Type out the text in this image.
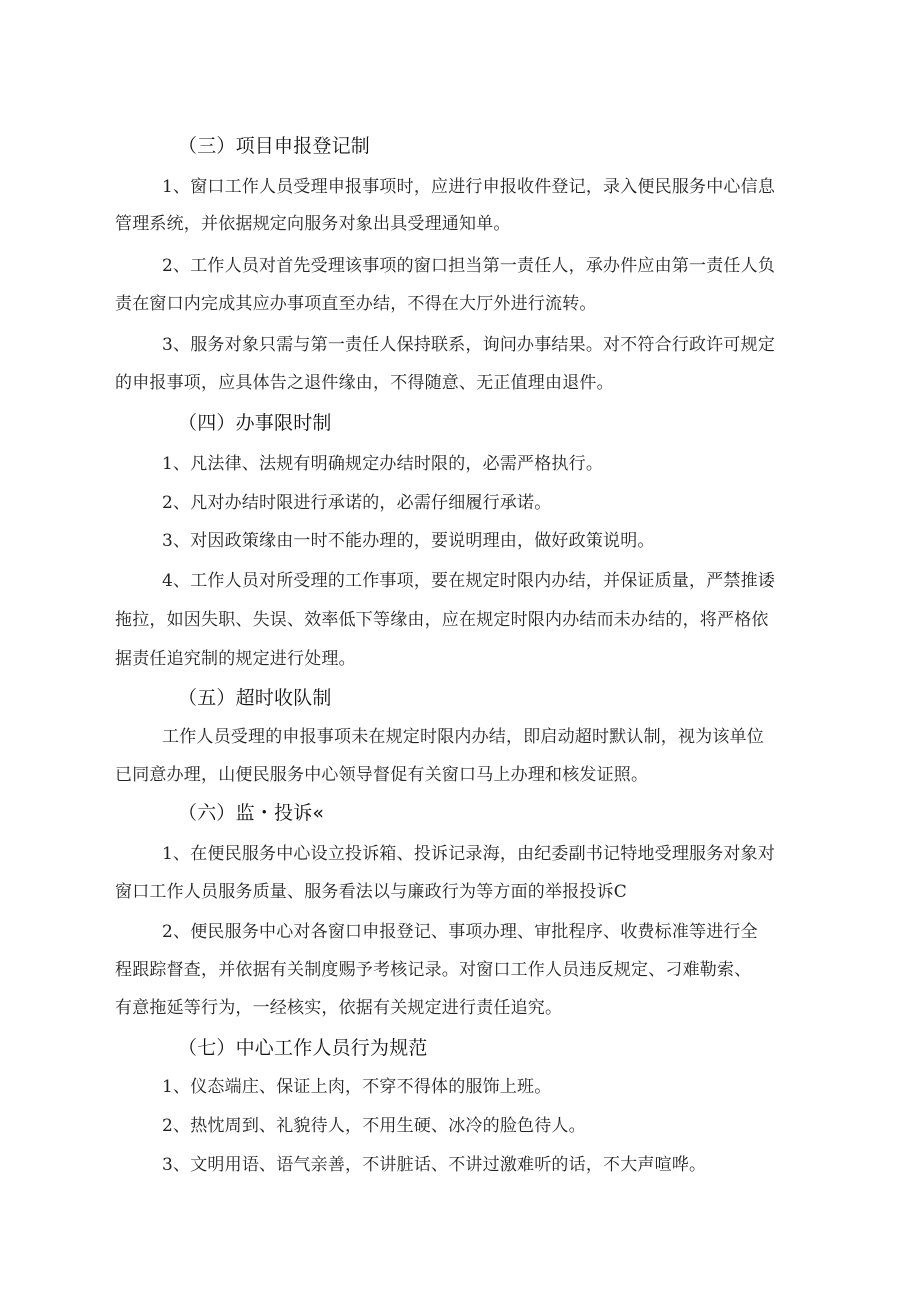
（三）项目申报登记制
1、窗口工作人员受理申报事项时，应进行申报收件登记，录入便民服务中心信息
管理系统，并依据规定向服务对象出具受理通知单。
2、工作人员对首先受理该事项的窗口担当第一责任人，承办件应由第一责任人负
责在窗口内完成其应办事项直至办结，不得在大厅外进行流转。
3、服务对象只需与第一责任人保持联系，询问办事结果。对不符合行政许可规定
的申报事项，应具体告之退件缘由，不得随意、无正值理由退件。
（四）办事限时制
1、凡法律、法规有明确规定办结时限的，必需严格执行。
2、凡对办结时限进行承诺的，必需仔细履行承诺。
3、对因政策缘由一时不能办理的，要说明理由，做好政策说明。
4、工作人员对所受理的工作事项，要在规定时限内办结，并保证质量，严禁推诿
拖拉，如因失职、失误、效率低下等缘由，应在规定时限内办结而未办结的，将严格依
据责任追究制的规定进行处理。
（五）超时收队制
工作人员受理的申报事项未在规定时限内办结，即启动超时默认制，视为该单位
已同意办理，山便民服务中心领导督促有关窗口马上办理和核发证照。
（六）监・投诉«
1、在便民服务中心设立投诉箱、投诉记录海，由纪委副书记特地受理服务对象对
窗口工作人员服务质量、服务看法以与廉政行为等方面的举报投诉C
2、便民服务中心对各窗口申报登记、事项办理、审批程序、收费标准等进行全
程跟踪督查，并依据有关制度赐予考核记录。对窗口工作人员违反规定、刁难勒索、
有意拖延等行为，一经核实，依据有关规定进行责任追究。
（七）中心工作人员行为规范
1、仪态端庄、保证上肉，不穿不得体的服饰上班。
2、热忱周到、礼貌待人，不用生硬、冰冷的脸色待人。
3、文明用语、语气亲善，不讲脏话、不讲过激难听的话，不大声喧哗。
